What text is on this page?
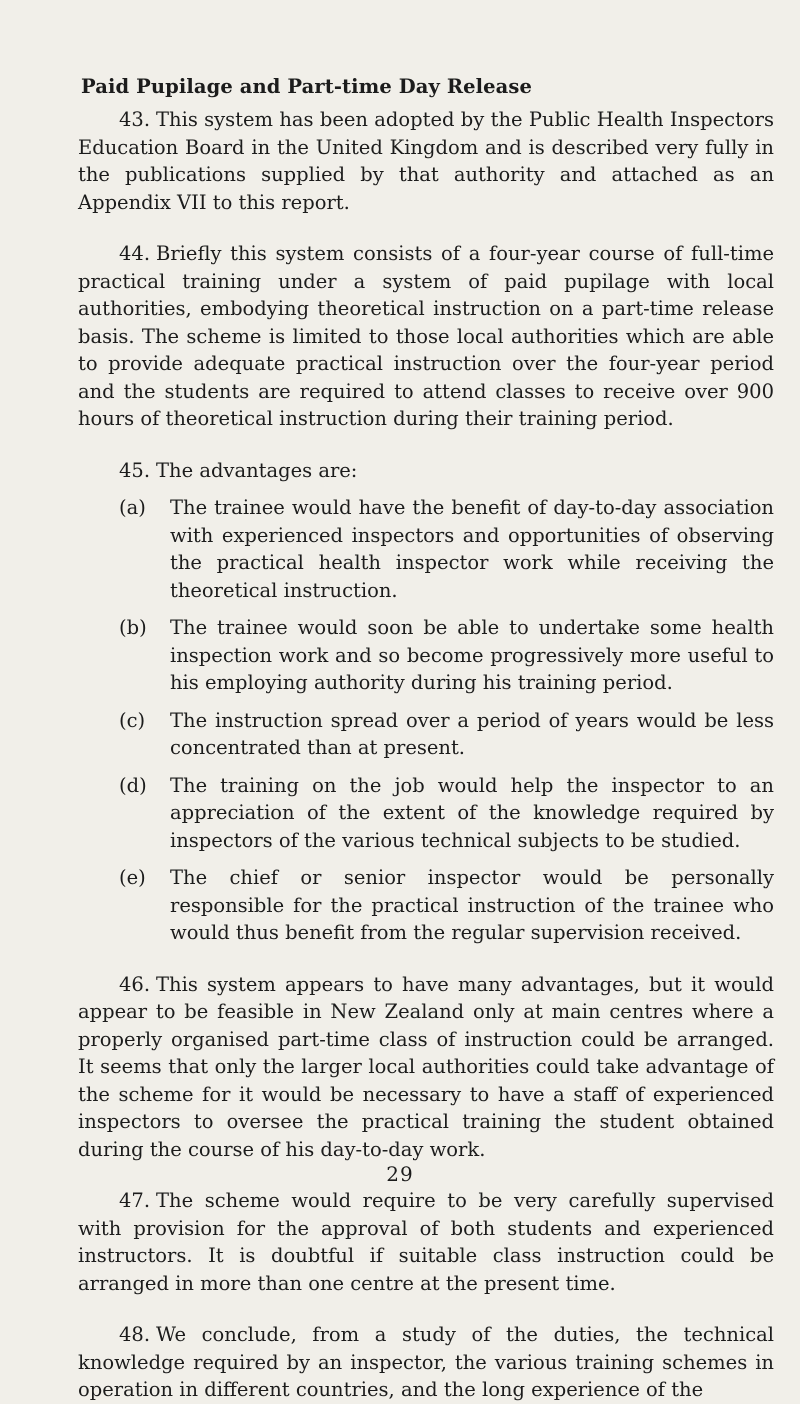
Paid Pupilage and Part-time Day Release

43. This system has been adopted by the Public Health Inspectors Education Board in the United Kingdom and is described very fully in the publications supplied by that authority and attached as an Appendix VII to this report.

44. Briefly this system consists of a four-year course of full-time practical training under a system of paid pupilage with local authorities, embodying theoretical instruction on a part-time release basis. The scheme is limited to those local authorities which are able to provide adequate practical instruction over the four-year period and the students are required to attend classes to receive over 900 hours of theoretical instruction during their training period.

45. The advantages are:
(a)	The trainee would have the benefit of day-to-day association with experienced inspectors and opportunities of observing the practical health inspector work while receiving the theoretical instruction.
(b)	The trainee would soon be able to undertake some health inspection work and so become progressively more useful to his employing authority during his training period.
(c)	The instruction spread over a period of years would be less concentrated than at present.
(d)	The training on the job would help the inspector to an appreciation of the extent of the knowledge required by inspectors of the various technical subjects to be studied.
(e)	The chief or senior inspector would be personally responsible for the practical instruction of the trainee who would thus benefit from the regular supervision received.

46. This system appears to have many advantages, but it would appear to be feasible in New Zealand only at main centres where a properly organised part-time class of instruction could be arranged. It seems that only the larger local authorities could take advantage of the scheme for it would be necessary to have a staff of experienced inspectors to oversee the practical training the student obtained during the course of his day-to-day work.

47. The scheme would require to be very carefully supervised with provision for the approval of both students and experienced instructors. It is doubtful if suitable class instruction could be arranged in more than one centre at the present time.

48. We conclude, from a study of the duties, the technical knowledge required by an inspector, the various training schemes in operation in different countries, and the long experience of the

29
